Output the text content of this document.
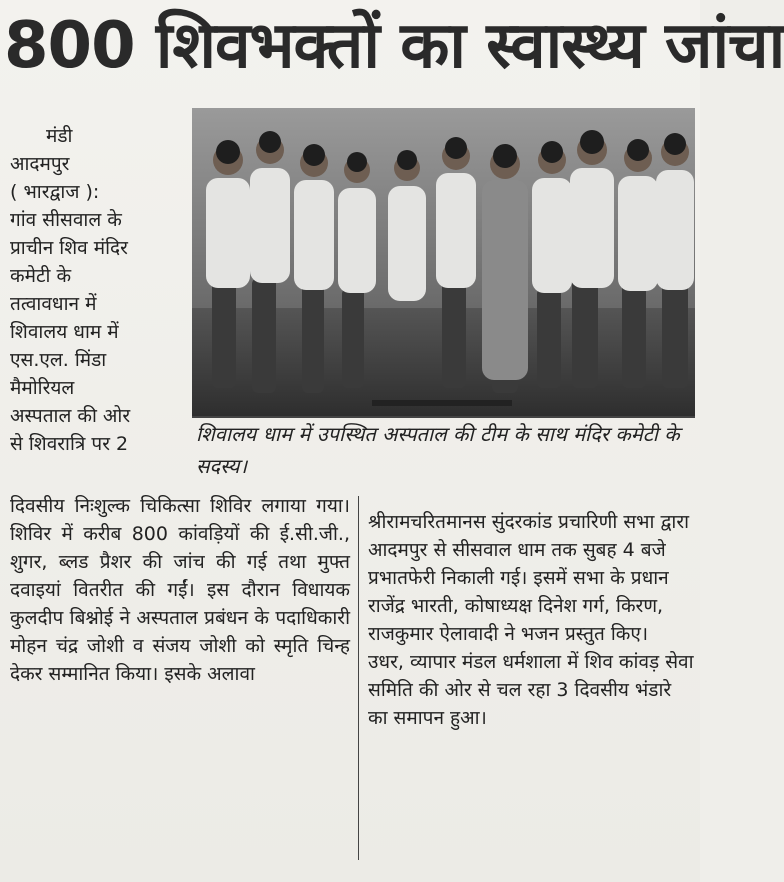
800 शिवभक्तों का स्वास्थ्य जांचा
मंडी
आदमपुर
( भारद्वाज ):
गांव सीसवाल के
प्राचीन शिव मंदिर
कमेटी के
तत्वावधान में
शिवालय धाम में
एस.एल. मिंडा
मैमोरियल
अस्पताल की ओर
से शिवरात्रि पर 2	शिवालय धाम में उपस्थित अस्पताल की टीम के साथ मंदिर कमेटी के सदस्य।
दिवसीय निःशुल्क चिकित्सा शिविर लगाया गया। शिविर में करीब 800 कांवड़ियों की ई.सी.जी., शुगर, ब्लड प्रैशर की जांच की गई तथा मुफ्त दवाइयां वितरीत की गईं। इस दौरान विधायक कुलदीप बिश्नोई ने अस्पताल प्रबंधन के पदाधिकारी मोहन चंद्र जोशी व संजय जोशी को स्मृति चिन्ह देकर सम्मानित किया। इसके अलावा
श्रीरामचरितमानस सुंदरकांड प्रचारिणी सभा द्वारा आदमपुर से सीसवाल धाम तक सुबह 4 बजे प्रभातफेरी निकाली गई। इसमें सभा के प्रधान राजेंद्र भारती, कोषाध्यक्ष दिनेश गर्ग, किरण, राजकुमार ऐलावादी ने भजन प्रस्तुत किए।
उधर, व्यापार मंडल धर्मशाला में शिव कांवड़ सेवा समिति की ओर से चल रहा 3 दिवसीय भंडारे का समापन हुआ।
